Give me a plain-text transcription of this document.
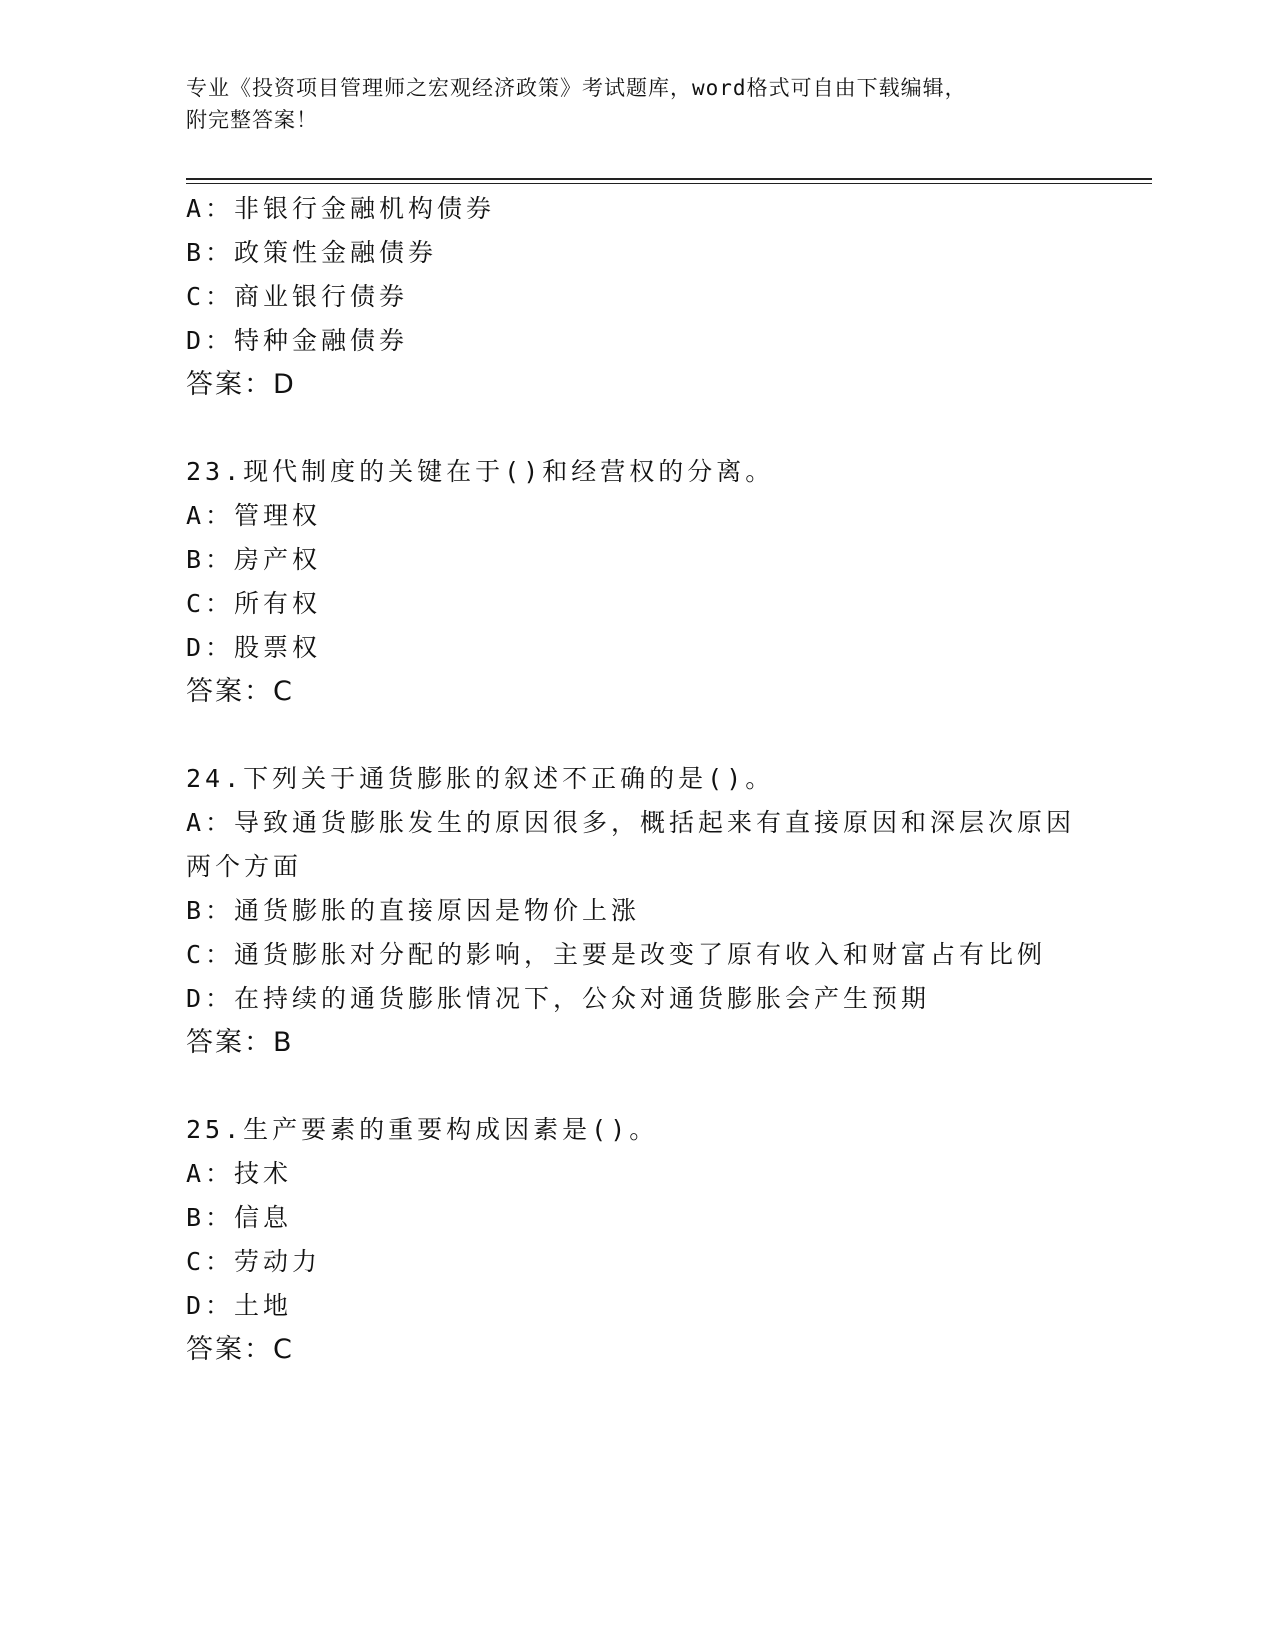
专业《投资项目管理师之宏观经济政策》考试题库，word格式可自由下载编辑，
附完整答案！
A：非银行金融机构债券
B：政策性金融债券
C：商业银行债券
D：特种金融债券
答案：D
23.现代制度的关键在于()和经营权的分离。
A：管理权
B：房产权
C：所有权
D：股票权
答案：C
24.下列关于通货膨胀的叙述不正确的是()。
A：导致通货膨胀发生的原因很多，概括起来有直接原因和深层次原因
两个方面
B：通货膨胀的直接原因是物价上涨
C：通货膨胀对分配的影响，主要是改变了原有收入和财富占有比例
D：在持续的通货膨胀情况下，公众对通货膨胀会产生预期
答案：B
25.生产要素的重要构成因素是()。
A：技术
B：信息
C：劳动力
D：土地
答案：C
